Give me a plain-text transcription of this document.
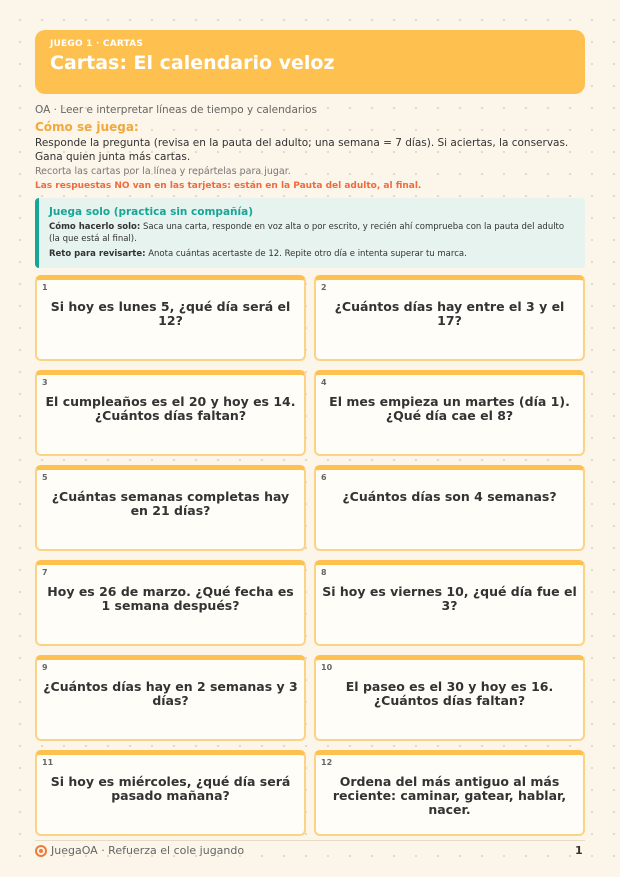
JUEGO 1 · CARTAS
Cartas: El calendario veloz
OA · Leer e interpretar líneas de tiempo y calendarios
Cómo se juega:
Responde la pregunta (revisa en la pauta del adulto; una semana = 7 días). Si aciertas, la conservas. Gana quien junta más cartas.
Recorta las cartas por la línea y repártelas para jugar.
Las respuestas NO van en las tarjetas: están en la Pauta del adulto, al final.
Juega solo (practica sin compañía)
Cómo hacerlo solo: Saca una carta, responde en voz alta o por escrito, y recién ahí comprueba con la pauta del adulto (la que está al final).
Reto para revisarte: Anota cuántas acertaste de 12. Repite otro día e intenta superar tu marca.
1
Si hoy es lunes 5, ¿qué día será el 12?
2
¿Cuántos días hay entre el 3 y el 17?
3
El cumpleaños es el 20 y hoy es 14. ¿Cuántos días faltan?
4
El mes empieza un martes (día 1). ¿Qué día cae el 8?
5
¿Cuántas semanas completas hay en 21 días?
6
¿Cuántos días son 4 semanas?
7
Hoy es 26 de marzo. ¿Qué fecha es 1 semana después?
8
Si hoy es viernes 10, ¿qué día fue el 3?
9
¿Cuántos días hay en 2 semanas y 3 días?
10
El paseo es el 30 y hoy es 16. ¿Cuántos días faltan?
11
Si hoy es miércoles, ¿qué día será pasado mañana?
12
Ordena del más antiguo al más reciente: caminar, gatear, hablar, nacer.
JuegaOA · Refuerza el cole jugando	1
